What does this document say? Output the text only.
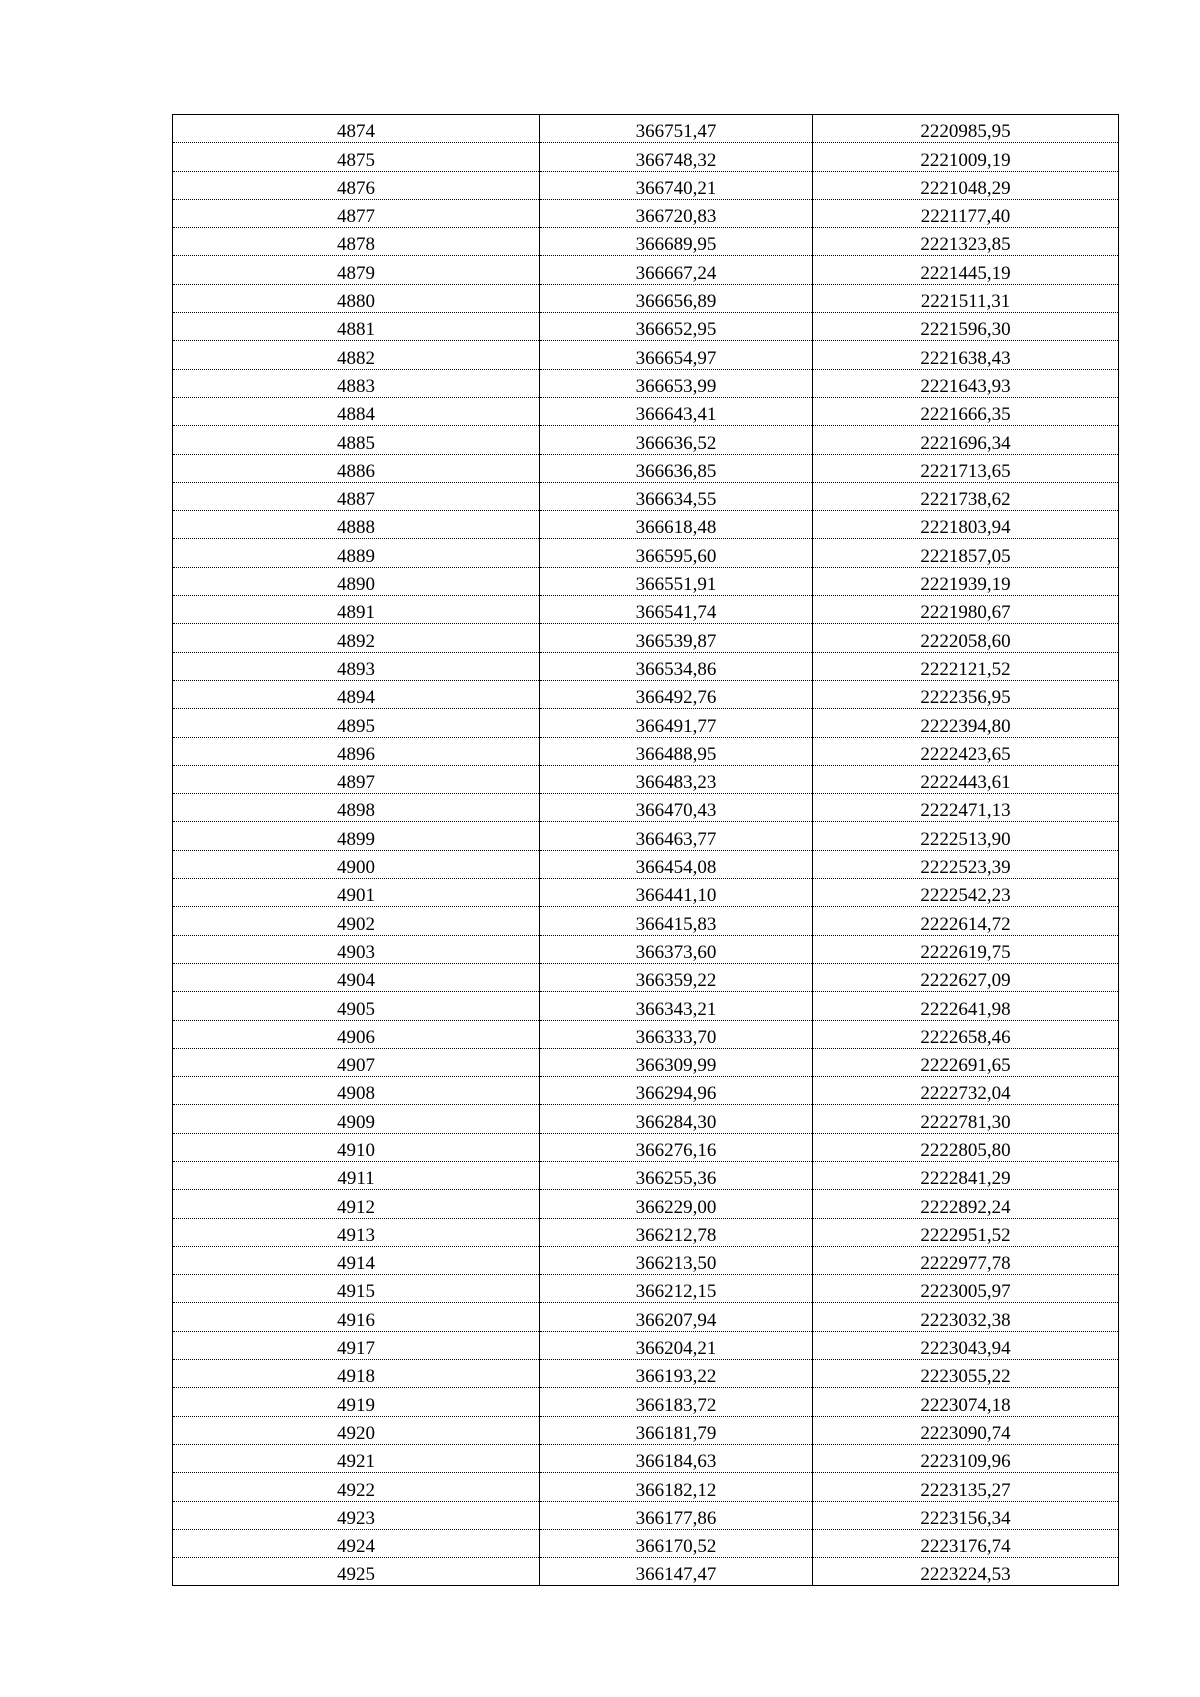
4874	366751,47	2220985,95
4875	366748,32	2221009,19
4876	366740,21	2221048,29
4877	366720,83	2221177,40
4878	366689,95	2221323,85
4879	366667,24	2221445,19
4880	366656,89	2221511,31
4881	366652,95	2221596,30
4882	366654,97	2221638,43
4883	366653,99	2221643,93
4884	366643,41	2221666,35
4885	366636,52	2221696,34
4886	366636,85	2221713,65
4887	366634,55	2221738,62
4888	366618,48	2221803,94
4889	366595,60	2221857,05
4890	366551,91	2221939,19
4891	366541,74	2221980,67
4892	366539,87	2222058,60
4893	366534,86	2222121,52
4894	366492,76	2222356,95
4895	366491,77	2222394,80
4896	366488,95	2222423,65
4897	366483,23	2222443,61
4898	366470,43	2222471,13
4899	366463,77	2222513,90
4900	366454,08	2222523,39
4901	366441,10	2222542,23
4902	366415,83	2222614,72
4903	366373,60	2222619,75
4904	366359,22	2222627,09
4905	366343,21	2222641,98
4906	366333,70	2222658,46
4907	366309,99	2222691,65
4908	366294,96	2222732,04
4909	366284,30	2222781,30
4910	366276,16	2222805,80
4911	366255,36	2222841,29
4912	366229,00	2222892,24
4913	366212,78	2222951,52
4914	366213,50	2222977,78
4915	366212,15	2223005,97
4916	366207,94	2223032,38
4917	366204,21	2223043,94
4918	366193,22	2223055,22
4919	366183,72	2223074,18
4920	366181,79	2223090,74
4921	366184,63	2223109,96
4922	366182,12	2223135,27
4923	366177,86	2223156,34
4924	366170,52	2223176,74
4925	366147,47	2223224,53
